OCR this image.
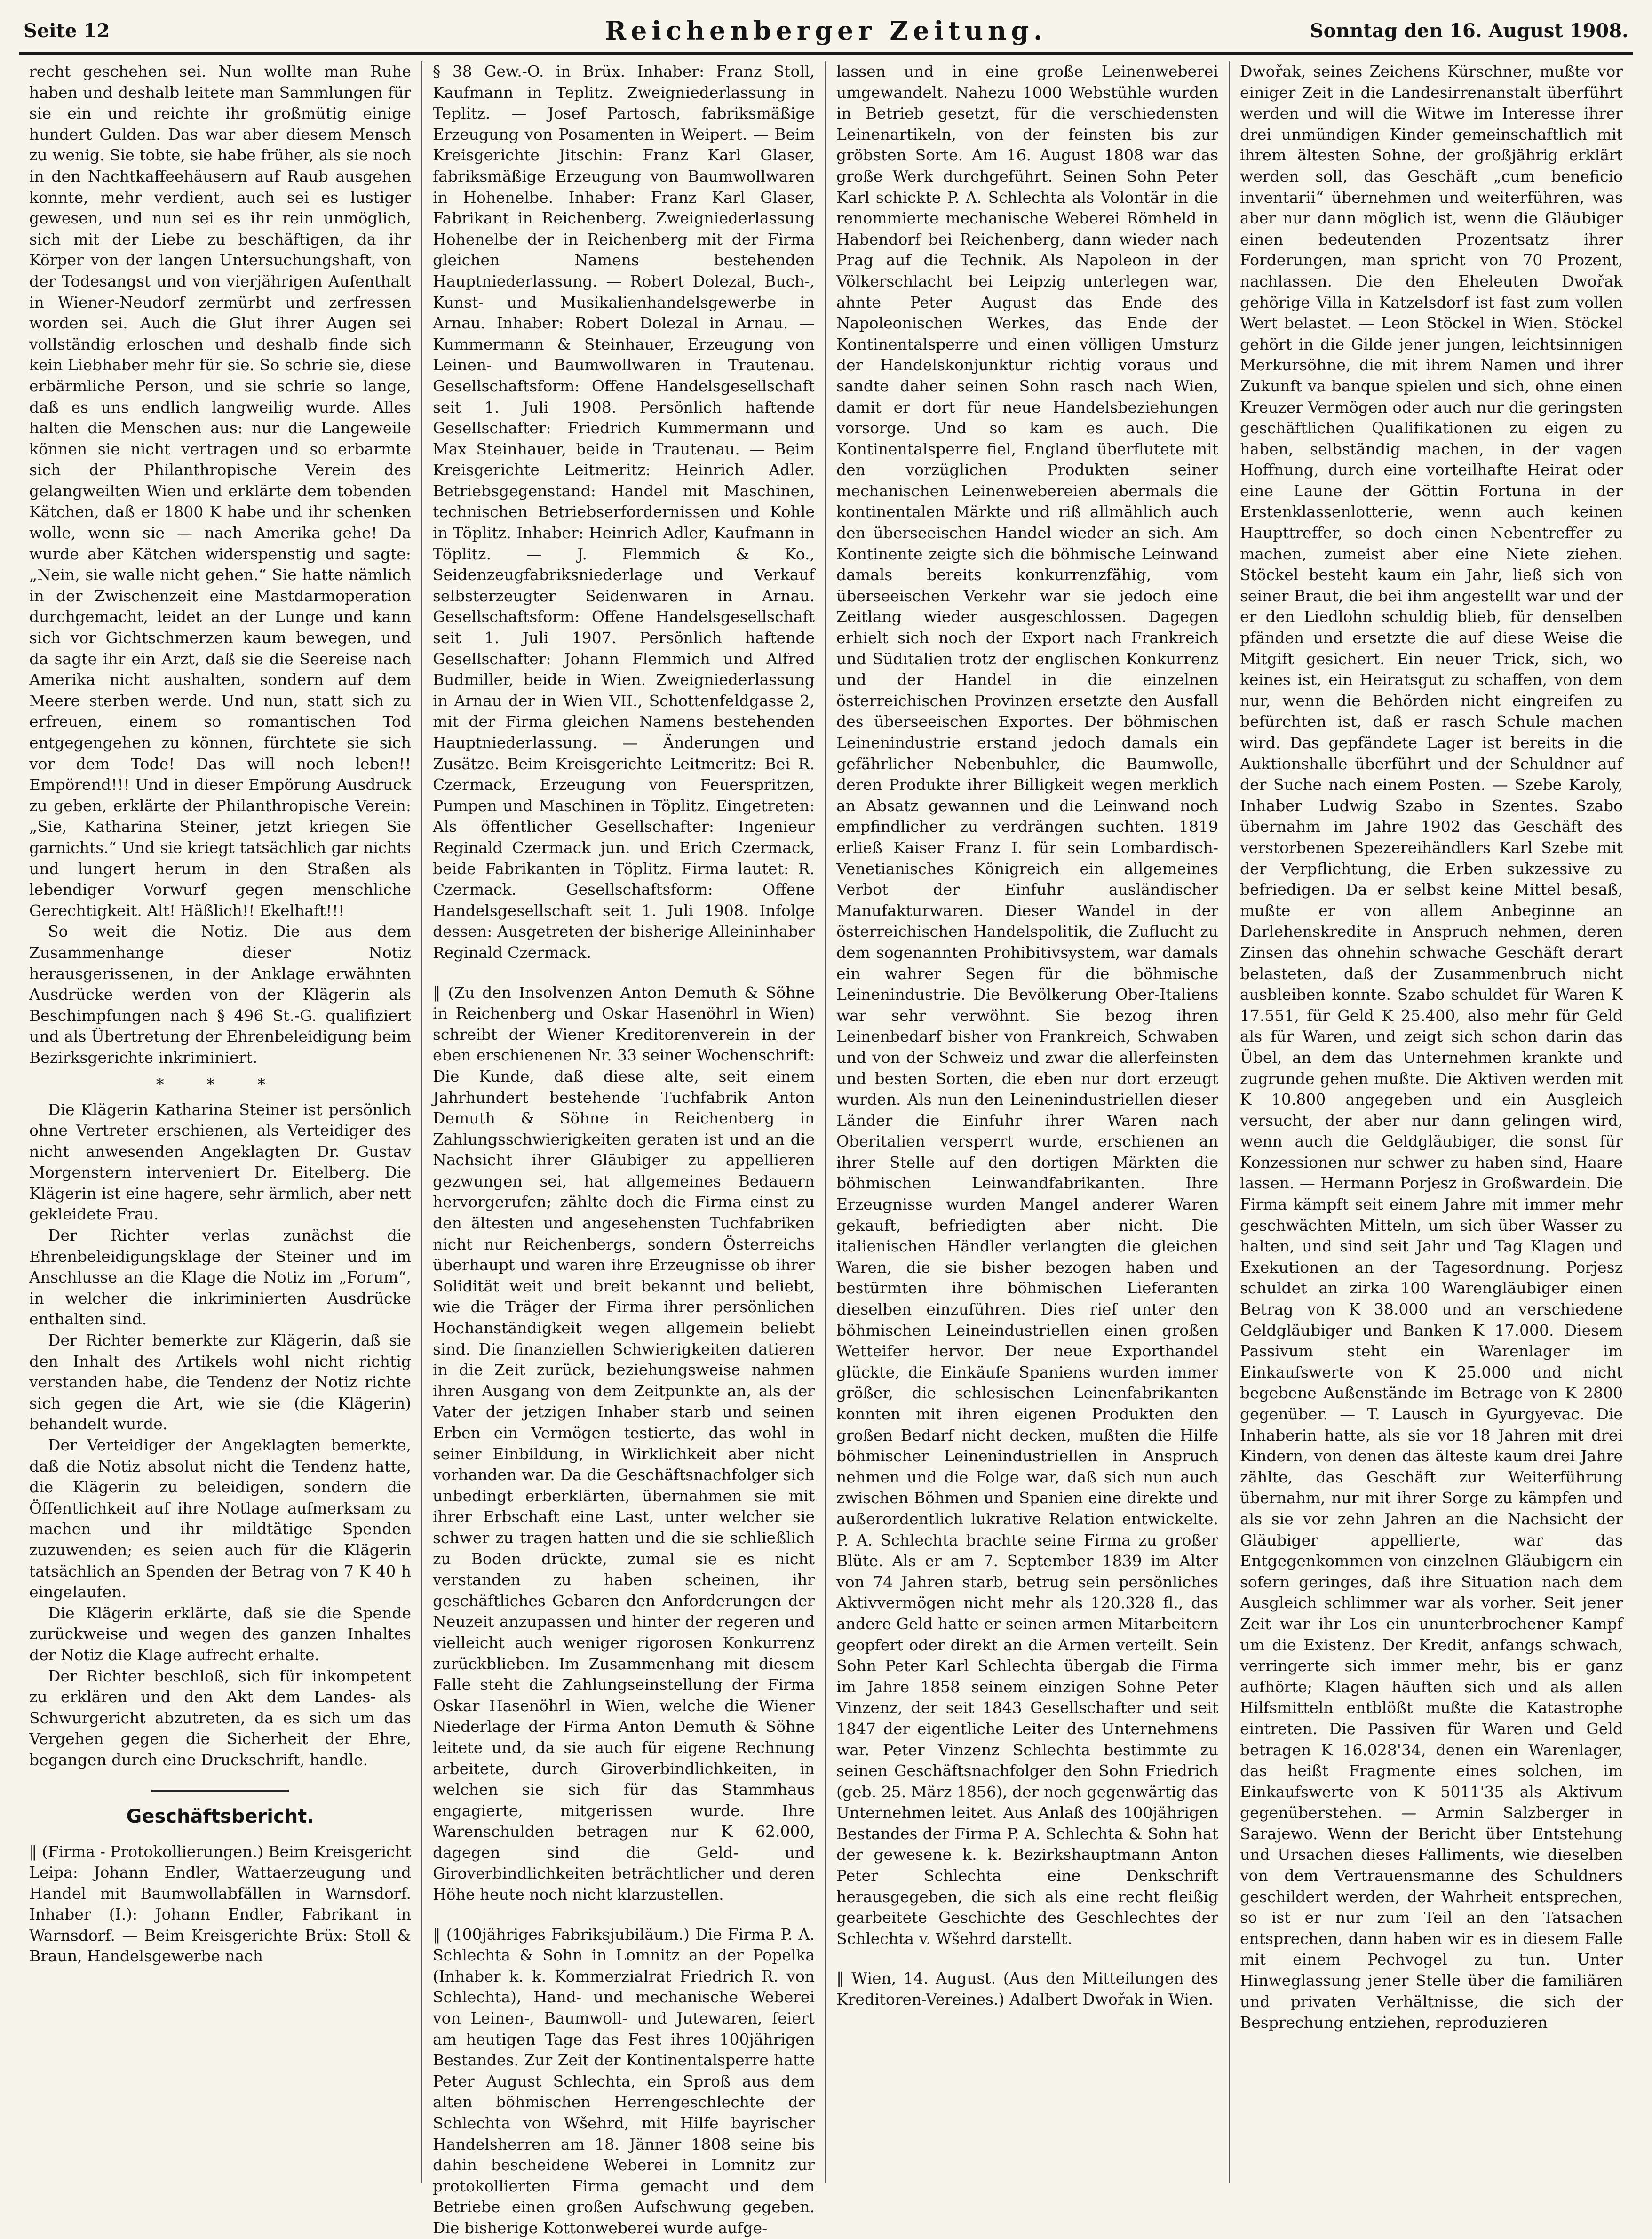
Seite 12	Reichenberger Zeitung.	Sonntag den 16. August 1908.

recht geschehen sei. Nun wollte man Ruhe haben und deshalb leitete man Sammlungen für sie ein und reichte ihr großmütig einige hundert Gulden. Das war aber diesem Mensch zu wenig. Sie tobte, sie habe früher, als sie noch in den Nachtkaffeehäusern auf Raub ausgehen konnte, mehr verdient, auch sei es lustiger gewesen, und nun sei es ihr rein unmöglich, sich mit der Liebe zu beschäftigen, da ihr Körper von der langen Untersuchungshaft, von der Todesangst und von vierjährigen Aufenthalt in Wiener-Neudorf zermürbt und zerfressen worden sei. Auch die Glut ihrer Augen sei vollständig erloschen und deshalb finde sich kein Liebhaber mehr für sie. So schrie sie, diese erbärmliche Person, und sie schrie so lange, daß es uns endlich langweilig wurde. Alles halten die Menschen aus: nur die Langeweile können sie nicht vertragen und so erbarmte sich der Philanthropische Verein des gelangweilten Wien und erklärte dem tobenden Kätchen, daß er 1800 K habe und ihr schenken wolle, wenn sie — nach Amerika gehe! Da wurde aber Kätchen widerspenstig und sagte: „Nein, sie walle nicht gehen.“ Sie hatte nämlich in der Zwischenzeit eine Mastdarmoperation durchgemacht, leidet an der Lunge und kann sich vor Gichtschmerzen kaum bewegen, und da sagte ihr ein Arzt, daß sie die Seereise nach Amerika nicht aushalten, sondern auf dem Meere sterben werde. Und nun, statt sich zu erfreuen, einem so romantischen Tod entgegengehen zu können, fürchtete sie sich vor dem Tode! Das will noch leben!! Empörend!!! Und in dieser Empörung Ausdruck zu geben, erklärte der Philanthropische Verein: „Sie, Katharina Steiner, jetzt kriegen Sie garnichts.“ Und sie kriegt tatsächlich gar nichts und lungert herum in den Straßen als lebendiger Vorwurf gegen menschliche Gerechtigkeit. Alt! Häßlich!! Ekelhaft!!!

So weit die Notiz. Die aus dem Zusammenhange dieser Notiz herausgerissenen, in der Anklage erwähnten Ausdrücke werden von der Klägerin als Beschimpfungen nach § 496 St.-G. qualifiziert und als Übertretung der Ehrenbeleidigung beim Bezirksgerichte inkriminiert.

* * *

Die Klägerin Katharina Steiner ist persönlich ohne Vertreter erschienen, als Verteidiger des nicht anwesenden Angeklagten Dr. Gustav Morgenstern interveniert Dr. Eitelberg. Die Klägerin ist eine hagere, sehr ärmlich, aber nett gekleidete Frau.

Der Richter verlas zunächst die Ehrenbeleidigungsklage der Steiner und im Anschlusse an die Klage die Notiz im „Forum“, in welcher die inkriminierten Ausdrücke enthalten sind.

Der Richter bemerkte zur Klägerin, daß sie den Inhalt des Artikels wohl nicht richtig verstanden habe, die Tendenz der Notiz richte sich gegen die Art, wie sie (die Klägerin) behandelt wurde.

Der Verteidiger der Angeklagten bemerkte, daß die Notiz absolut nicht die Tendenz hatte, die Klägerin zu beleidigen, sondern die Öffentlichkeit auf ihre Notlage aufmerksam zu machen und ihr mildtätige Spenden zuzuwenden; es seien auch für die Klägerin tatsächlich an Spenden der Betrag von 7 K 40 h eingelaufen.

Die Klägerin erklärte, daß sie die Spende zurückweise und wegen des ganzen Inhaltes der Notiz die Klage aufrecht erhalte.

Der Richter beschloß, sich für inkompetent zu erklären und den Akt dem Landes- als Schwurgericht abzutreten, da es sich um das Vergehen gegen die Sicherheit der Ehre, begangen durch eine Druckschrift, handle.

Geschäftsbericht.

‖ (Firma - Protokollierungen.) Beim Kreisgericht Leipa: Johann Endler, Wattaerzeugung und Handel mit Baumwollabfällen in Warnsdorf. Inhaber (I.): Johann Endler, Fabrikant in Warnsdorf. — Beim Kreisgerichte Brüx: Stoll & Braun, Handelsgewerbe nach

§ 38 Gew.-O. in Brüx. Inhaber: Franz Stoll, Kaufmann in Teplitz. Zweigniederlassung in Teplitz. — Josef Partosch, fabriksmäßige Erzeugung von Posamenten in Weipert. — Beim Kreisgerichte Jitschin: Franz Karl Glaser, fabriksmäßige Erzeugung von Baumwollwaren in Hohenelbe. Inhaber: Franz Karl Glaser, Fabrikant in Reichenberg. Zweigniederlassung Hohenelbe der in Reichenberg mit der Firma gleichen Namens bestehenden Hauptniederlassung. — Robert Dolezal, Buch-, Kunst- und Musikalienhandelsgewerbe in Arnau. Inhaber: Robert Dolezal in Arnau. — Kummermann & Steinhauer, Erzeugung von Leinen- und Baumwollwaren in Trautenau. Gesellschaftsform: Offene Handelsgesellschaft seit 1. Juli 1908. Persönlich haftende Gesellschafter: Friedrich Kummermann und Max Steinhauer, beide in Trautenau. — Beim Kreisgerichte Leitmeritz: Heinrich Adler. Betriebsgegenstand: Handel mit Maschinen, technischen Betriebserfordernissen und Kohle in Töplitz. Inhaber: Heinrich Adler, Kaufmann in Töplitz. — J. Flemmich & Ko., Seidenzeugfabriksniederlage und Verkauf selbsterzeugter Seidenwaren in Arnau. Gesellschaftsform: Offene Handelsgesellschaft seit 1. Juli 1907. Persönlich haftende Gesellschafter: Johann Flemmich und Alfred Budmiller, beide in Wien. Zweigniederlassung in Arnau der in Wien VII., Schottenfeldgasse 2, mit der Firma gleichen Namens bestehenden Hauptniederlassung. — Änderungen und Zusätze. Beim Kreisgerichte Leitmeritz: Bei R. Czermack, Erzeugung von Feuerspritzen, Pumpen und Maschinen in Töplitz. Eingetreten: Als öffentlicher Gesellschafter: Ingenieur Reginald Czermack jun. und Erich Czermack, beide Fabrikanten in Töplitz. Firma lautet: R. Czermack. Gesellschaftsform: Offene Handelsgesellschaft seit 1. Juli 1908. Infolge dessen: Ausgetreten der bisherige Alleininhaber Reginald Czermack.

‖ (Zu den Insolvenzen Anton Demuth & Söhne in Reichenberg und Oskar Hasenöhrl in Wien) schreibt der Wiener Kreditorenverein in der eben erschienenen Nr. 33 seiner Wochenschrift: Die Kunde, daß diese alte, seit einem Jahrhundert bestehende Tuchfabrik Anton Demuth & Söhne in Reichenberg in Zahlungsschwierigkeiten geraten ist und an die Nachsicht ihrer Gläubiger zu appellieren gezwungen sei, hat allgemeines Bedauern hervorgerufen; zählte doch die Firma einst zu den ältesten und angesehensten Tuchfabriken nicht nur Reichenbergs, sondern Österreichs überhaupt und waren ihre Erzeugnisse ob ihrer Solidität weit und breit bekannt und beliebt, wie die Träger der Firma ihrer persönlichen Hochanständigkeit wegen allgemein beliebt sind. Die finanziellen Schwierigkeiten datieren in die Zeit zurück, beziehungsweise nahmen ihren Ausgang von dem Zeitpunkte an, als der Vater der jetzigen Inhaber starb und seinen Erben ein Vermögen testierte, das wohl in seiner Einbildung, in Wirklichkeit aber nicht vorhanden war. Da die Geschäftsnachfolger sich unbedingt erberklärten, übernahmen sie mit ihrer Erbschaft eine Last, unter welcher sie schwer zu tragen hatten und die sie schließlich zu Boden drückte, zumal sie es nicht verstanden zu haben scheinen, ihr geschäftliches Gebaren den Anforderungen der Neuzeit anzupassen und hinter der regeren und vielleicht auch weniger rigorosen Konkurrenz zurückblieben. Im Zusammenhang mit diesem Falle steht die Zahlungseinstellung der Firma Oskar Hasenöhrl in Wien, welche die Wiener Niederlage der Firma Anton Demuth & Söhne leitete und, da sie auch für eigene Rechnung arbeitete, durch Giroverbindlichkeiten, in welchen sie sich für das Stammhaus engagierte, mitgerissen wurde. Ihre Warenschulden betragen nur K 62.000, dagegen sind die Geld- und Giroverbindlichkeiten beträchtlicher und deren Höhe heute noch nicht klarzustellen.

‖ (100jähriges Fabriksjubiläum.) Die Firma P. A. Schlechta & Sohn in Lomnitz an der Popelka (Inhaber k. k. Kommerzialrat Friedrich R. von Schlechta), Hand- und mechanische Weberei von Leinen-, Baumwoll- und Jutewaren, feiert am heutigen Tage das Fest ihres 100jährigen Bestandes. Zur Zeit der Kontinentalsperre hatte Peter August Schlechta, ein Sproß aus dem alten böhmischen Herrengeschlechte der Schlechta von Wšehrd, mit Hilfe bayrischer Handelsherren am 18. Jänner 1808 seine bis dahin bescheidene Weberei in Lomnitz zur protokollierten Firma gemacht und dem Betriebe einen großen Aufschwung gegeben. Die bisherige Kottonweberei wurde aufge-

lassen und in eine große Leinenweberei umgewandelt. Nahezu 1000 Webstühle wurden in Betrieb gesetzt, für die verschiedensten Leinenartikeln, von der feinsten bis zur gröbsten Sorte. Am 16. August 1808 war das große Werk durchgeführt. Seinen Sohn Peter Karl schickte P. A. Schlechta als Volontär in die renommierte mechanische Weberei Römheld in Habendorf bei Reichenberg, dann wieder nach Prag auf die Technik. Als Napoleon in der Völkerschlacht bei Leipzig unterlegen war, ahnte Peter August das Ende des Napoleonischen Werkes, das Ende der Kontinentalsperre und einen völligen Umsturz der Handelskonjunktur richtig voraus und sandte daher seinen Sohn rasch nach Wien, damit er dort für neue Handelsbeziehungen vorsorge. Und so kam es auch. Die Kontinentalsperre fiel, England überflutete mit den vorzüglichen Produkten seiner mechanischen Leinenwebereien abermals die kontinentalen Märkte und riß allmählich auch den überseeischen Handel wieder an sich. Am Kontinente zeigte sich die böhmische Leinwand damals bereits konkurrenzfähig, vom überseeischen Verkehr war sie jedoch eine Zeitlang wieder ausgeschlossen. Dagegen erhielt sich noch der Export nach Frankreich und Südıtalien trotz der englischen Konkurrenz und der Handel in die einzelnen österreichischen Provinzen ersetzte den Ausfall des überseeischen Exportes. Der böhmischen Leinenindustrie erstand jedoch damals ein gefährlicher Nebenbuhler, die Baumwolle, deren Produkte ihrer Billigkeit wegen merklich an Absatz gewannen und die Leinwand noch empfindlicher zu verdrängen suchten. 1819 erließ Kaiser Franz I. für sein Lombardisch-Venetianisches Königreich ein allgemeines Verbot der Einfuhr ausländischer Manufakturwaren. Dieser Wandel in der österreichischen Handelspolitik, die Zuflucht zu dem sogenannten Prohibitivsystem, war damals ein wahrer Segen für die böhmische Leinenindustrie. Die Bevölkerung Ober-Italiens war sehr verwöhnt. Sie bezog ihren Leinenbedarf bisher von Frankreich, Schwaben und von der Schweiz und zwar die allerfeinsten und besten Sorten, die eben nur dort erzeugt wurden. Als nun den Leinenindustriellen dieser Länder die Einfuhr ihrer Waren nach Oberitalien versperrt wurde, erschienen an ihrer Stelle auf den dortigen Märkten die böhmischen Leinwandfabrikanten. Ihre Erzeugnisse wurden Mangel anderer Waren gekauft, befriedigten aber nicht. Die italienischen Händler verlangten die gleichen Waren, die sie bisher bezogen haben und bestürmten ihre böhmischen Lieferanten dieselben einzuführen. Dies rief unter den böhmischen Leineindustriellen einen großen Wetteifer hervor. Der neue Exporthandel glückte, die Einkäufe Spaniens wurden immer größer, die schlesischen Leinenfabrikanten konnten mit ihren eigenen Produkten den großen Bedarf nicht decken, mußten die Hilfe böhmischer Leinenindustriellen in Anspruch nehmen und die Folge war, daß sich nun auch zwischen Böhmen und Spanien eine direkte und außerordentlich lukrative Relation entwickelte. P. A. Schlechta brachte seine Firma zu großer Blüte. Als er am 7. September 1839 im Alter von 74 Jahren starb, betrug sein persönliches Aktivvermögen nicht mehr als 120.328 fl., das andere Geld hatte er seinen armen Mitarbeitern geopfert oder direkt an die Armen verteilt. Sein Sohn Peter Karl Schlechta übergab die Firma im Jahre 1858 seinem einzigen Sohne Peter Vinzenz, der seit 1843 Gesellschafter und seit 1847 der eigentliche Leiter des Unternehmens war. Peter Vinzenz Schlechta bestimmte zu seinen Geschäftsnachfolger den Sohn Friedrich (geb. 25. März 1856), der noch gegenwärtig das Unternehmen leitet. Aus Anlaß des 100jährigen Bestandes der Firma P. A. Schlechta & Sohn hat der gewesene k. k. Bezirkshauptmann Anton Peter Schlechta eine Denkschrift herausgegeben, die sich als eine recht fleißig gearbeitete Geschichte des Geschlechtes der Schlechta v. Wšehrd darstellt.

‖ Wien, 14. August. (Aus den Mitteilungen des Kreditoren-Vereines.) Adalbert Dwořak in Wien.

Dwořak, seines Zeichens Kürschner, mußte vor einiger Zeit in die Landesirrenanstalt überführt werden und will die Witwe im Interesse ihrer drei unmündigen Kinder gemeinschaftlich mit ihrem ältesten Sohne, der großjährig erklärt werden soll, das Geschäft „cum beneficio inventarii“ übernehmen und weiterführen, was aber nur dann möglich ist, wenn die Gläubiger einen bedeutenden Prozentsatz ihrer Forderungen, man spricht von 70 Prozent, nachlassen. Die den Eheleuten Dwořak gehörige Villa in Katzelsdorf ist fast zum vollen Wert belastet. — Leon Stöckel in Wien. Stöckel gehört in die Gilde jener jungen, leichtsinnigen Merkursöhne, die mit ihrem Namen und ihrer Zukunft va banque spielen und sich, ohne einen Kreuzer Vermögen oder auch nur die geringsten geschäftlichen Qualifikationen zu eigen zu haben, selbständig machen, in der vagen Hoffnung, durch eine vorteilhafte Heirat oder eine Laune der Göttin Fortuna in der Erstenklassenlotterie, wenn auch keinen Haupttreffer, so doch einen Nebentreffer zu machen, zumeist aber eine Niete ziehen. Stöckel besteht kaum ein Jahr, ließ sich von seiner Braut, die bei ihm angestellt war und der er den Liedlohn schuldig blieb, für denselben pfänden und ersetzte die auf diese Weise die Mitgift gesichert. Ein neuer Trick, sich, wo keines ist, ein Heiratsgut zu schaffen, von dem nur, wenn die Behörden nicht eingreifen zu befürchten ist, daß er rasch Schule machen wird. Das gepfändete Lager ist bereits in die Auktionshalle überführt und der Schuldner auf der Suche nach einem Posten. — Szebe Karoly, Inhaber Ludwig Szabo in Szentes. Szabo übernahm im Jahre 1902 das Geschäft des verstorbenen Spezereihändlers Karl Szebe mit der Verpflichtung, die Erben sukzessive zu befriedigen. Da er selbst keine Mittel besaß, mußte er von allem Anbeginne an Darlehenskredite in Anspruch nehmen, deren Zinsen das ohnehin schwache Geschäft derart belasteten, daß der Zusammenbruch nicht ausbleiben konnte. Szabo schuldet für Waren K 17.551, für Geld K 25.400, also mehr für Geld als für Waren, und zeigt sich schon darin das Übel, an dem das Unternehmen krankte und zugrunde gehen mußte. Die Aktiven werden mit K 10.800 angegeben und ein Ausgleich versucht, der aber nur dann gelingen wird, wenn auch die Geldgläubiger, die sonst für Konzessionen nur schwer zu haben sind, Haare lassen. — Hermann Porjesz in Großwardein. Die Firma kämpft seit einem Jahre mit immer mehr geschwächten Mitteln, um sich über Wasser zu halten, und sind seit Jahr und Tag Klagen und Exekutionen an der Tagesordnung. Porjesz schuldet an zirka 100 Warengläubiger einen Betrag von K 38.000 und an verschiedene Geldgläubiger und Banken K 17.000. Diesem Passivum steht ein Warenlager im Einkaufswerte von K 25.000 und nicht begebene Außenstände im Betrage von K 2800 gegenüber. — T. Lausch in Gyurgyevac. Die Inhaberin hatte, als sie vor 18 Jahren mit drei Kindern, von denen das älteste kaum drei Jahre zählte, das Geschäft zur Weiterführung übernahm, nur mit ihrer Sorge zu kämpfen und als sie vor zehn Jahren an die Nachsicht der Gläubiger appellierte, war das Entgegenkommen von einzelnen Gläubigern ein sofern geringes, daß ihre Situation nach dem Ausgleich schlimmer war als vorher. Seit jener Zeit war ihr Los ein ununterbrochener Kampf um die Existenz. Der Kredit, anfangs schwach, verringerte sich immer mehr, bis er ganz aufhörte; Klagen häuften sich und als allen Hilfsmitteln entblößt mußte die Katastrophe eintreten. Die Passiven für Waren und Geld betragen K 16.028'34, denen ein Warenlager, das heißt Fragmente eines solchen, im Einkaufswerte von K 5011'35 als Aktivum gegenüberstehen. — Armin Salzberger in Sarajewo. Wenn der Bericht über Entstehung und Ursachen dieses Falliments, wie dieselben von dem Vertrauensmanne des Schuldners geschildert werden, der Wahrheit entsprechen, so ist er nur zum Teil an den Tatsachen entsprechen, dann haben wir es in diesem Falle mit einem Pechvogel zu tun. Unter Hinweglassung jener Stelle über die familiären und privaten Verhältnisse, die sich der Besprechung entziehen, reproduzieren
